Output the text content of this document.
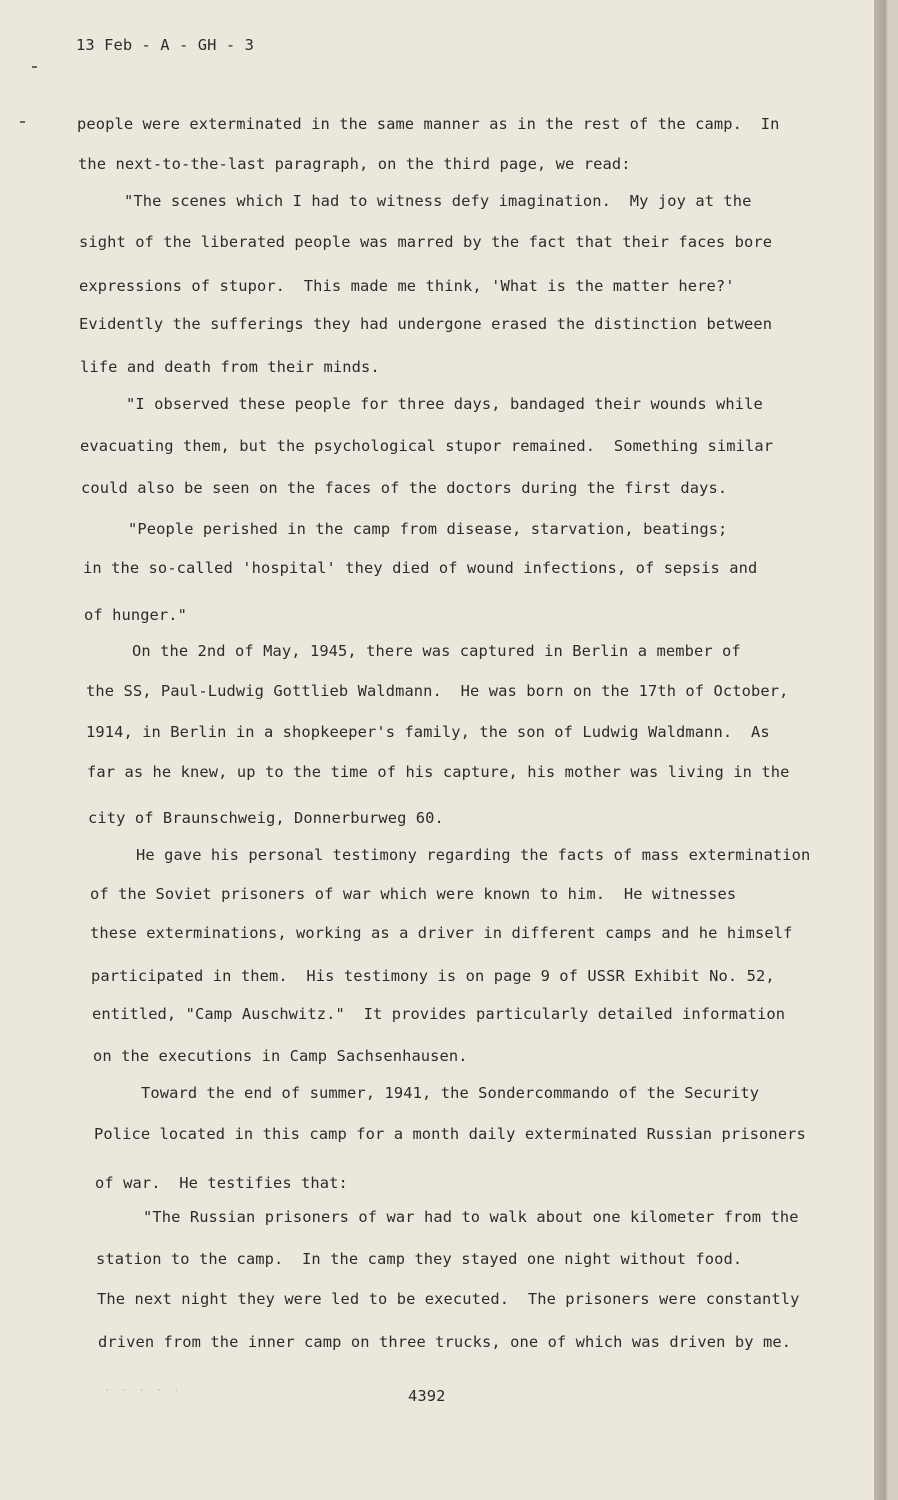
13 Feb - A - GH - 3
people were exterminated in the same manner as in the rest of the camp.  In
the next-to-the-last paragraph, on the third page, we read:
"The scenes which I had to witness defy imagination.  My joy at the
sight of the liberated people was marred by the fact that their faces bore
expressions of stupor.  This made me think, 'What is the matter here?'
Evidently the sufferings they had undergone erased the distinction between
life and death from their minds.
"I observed these people for three days, bandaged their wounds while
evacuating them, but the psychological stupor remained.  Something similar
could also be seen on the faces of the doctors during the first days.
"People perished in the camp from disease, starvation, beatings;
in the so-called 'hospital' they died of wound infections, of sepsis and
of hunger."
On the 2nd of May, 1945, there was captured in Berlin a member of
the SS, Paul-Ludwig Gottlieb Waldmann.  He was born on the 17th of October,
1914, in Berlin in a shopkeeper's family, the son of Ludwig Waldmann.  As
far as he knew, up to the time of his capture, his mother was living in the
city of Braunschweig, Donnerburweg 60.
He gave his personal testimony regarding the facts of mass extermination
of the Soviet prisoners of war which were known to him.  He witnesses
these exterminations, working as a driver in different camps and he himself
participated in them.  His testimony is on page 9 of USSR Exhibit No. 52,
entitled, "Camp Auschwitz."  It provides particularly detailed information
on the executions in Camp Sachsenhausen.
Toward the end of summer, 1941, the Sondercommando of the Security
Police located in this camp for a month daily exterminated Russian prisoners
of war.  He testifies that:
"The Russian prisoners of war had to walk about one kilometer from the
station to the camp.  In the camp they stayed one night without food.
The next night they were led to be executed.  The prisoners were constantly
driven from the inner camp on three trucks, one of which was driven by me.
· · · · ·	4392
